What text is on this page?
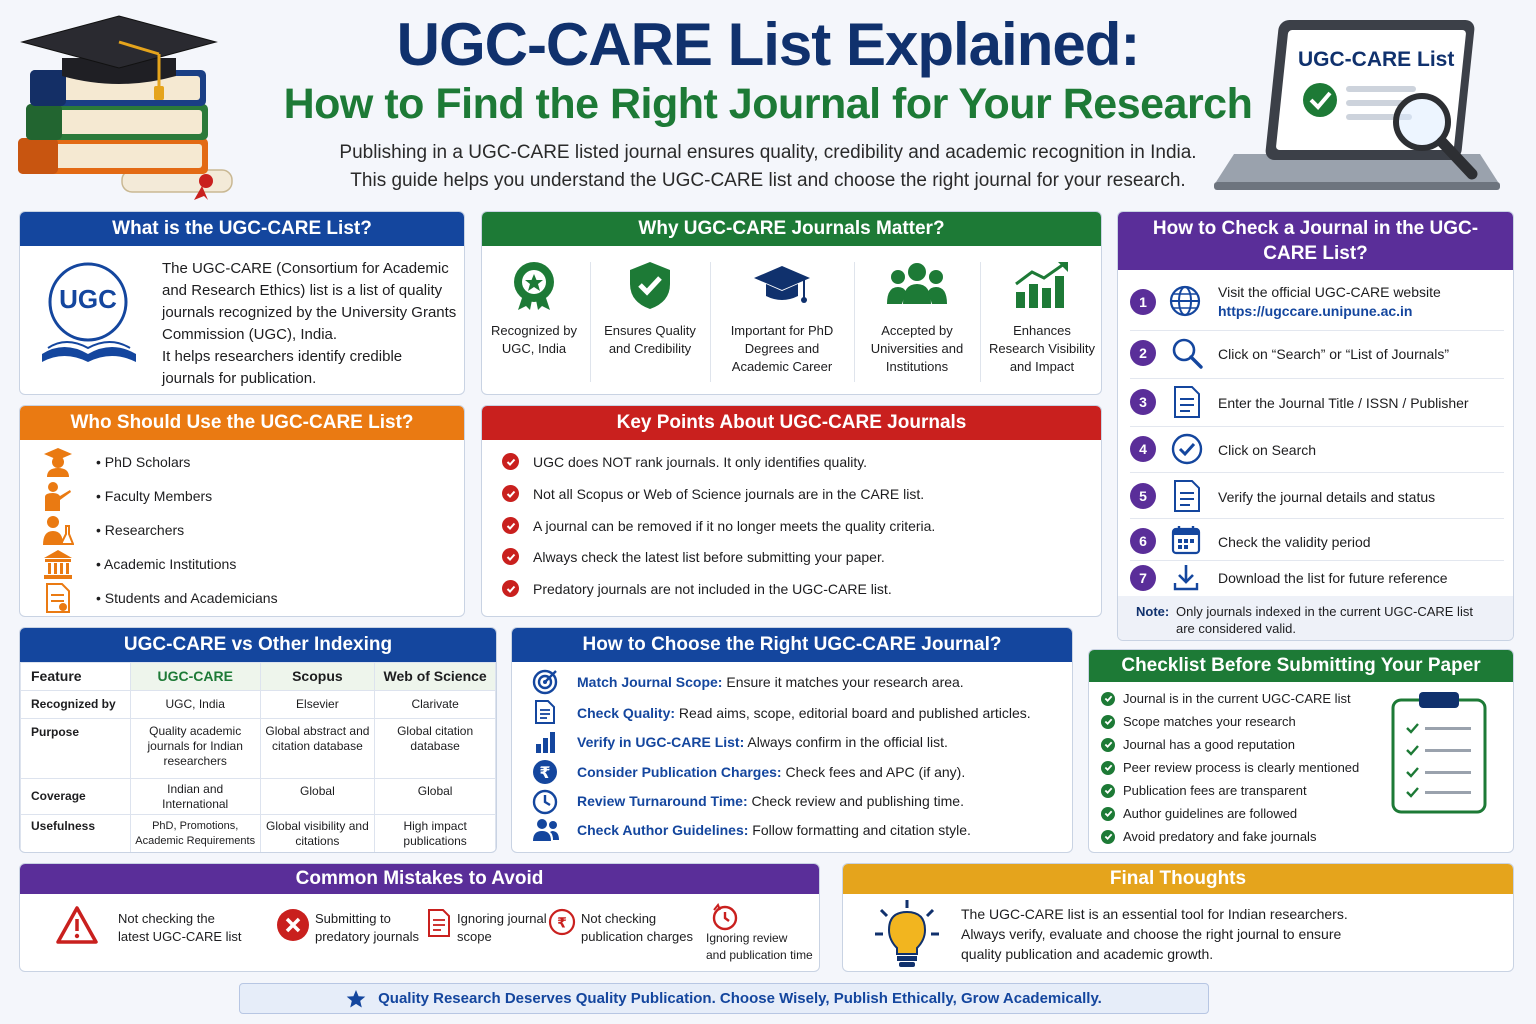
UGC-CARE List Explained:
How to Find the Right Journal for Your Research
Publishing in a UGC-CARE listed journal ensures quality, credibility and academic recognition in India.
This guide helps you understand the UGC-CARE list and choose the right journal for your research.
UGC-CARE List
What is the UGC-CARE List?
UGC
The UGC-CARE (Consortium for Academic and Research Ethics) list is a list of quality journals recognized by the University Grants Commission (UGC), India.
It helps researchers identify credible journals for publication.
Why UGC-CARE Journals Matter?
Recognized by UGC, India
Ensures Quality and Credibility
Important for PhD Degrees and Academic Career
Accepted by Universities and Institutions
Enhances Research Visibility and Impact
How to Check a Journal in the UGC-CARE List?
1
Visit the official UGC-CARE website
https://ugccare.unipune.ac.in
2	Click on “Search” or “List of Journals”
3	Enter the Journal Title / ISSN / Publisher
4	Click on Search
5	Verify the journal details and status
6	Check the validity period
7	Download the list for future reference
Note: Only journals indexed in the current UGC-CARE list
are considered valid.
Who Should Use the UGC-CARE List?
• PhD Scholars
• Faculty Members
• Researchers
• Academic Institutions
• Students and Academicians
Key Points About UGC-CARE Journals
UGC does NOT rank journals. It only identifies quality.
Not all Scopus or Web of Science journals are in the CARE list.
A journal can be removed if it no longer meets the quality criteria.
Always check the latest list before submitting your paper.
Predatory journals are not included in the UGC-CARE list.
UGC-CARE vs Other Indexing
Feature	UGC-CARE	Scopus	Web of Science
Recognized by	UGC, India	Elsevier	Clarivate
Purpose	Quality academic journals for Indian researchers	Global abstract and citation database	Global citation database
Coverage	Indian and International	Global	Global
Usefulness	PhD, Promotions, Academic Requirements	Global visibility and citations	High impact publications
How to Choose the Right UGC-CARE Journal?
Match Journal Scope: Ensure it matches your research area.
Check Quality: Read aims, scope, editorial board and published articles.
Verify in UGC-CARE List: Always confirm in the official list.
₹ Consider Publication Charges: Check fees and APC (if any).
Review Turnaround Time: Check review and publishing time.
Check Author Guidelines: Follow formatting and citation style.
Checklist Before Submitting Your Paper
Journal is in the current UGC-CARE list
Scope matches your research
Journal has a good reputation
Peer review process is clearly mentioned
Publication fees are transparent
Author guidelines are followed
Avoid predatory and fake journals
Common Mistakes to Avoid
Not checking the
latest UGC-CARE list
Submitting to
predatory journals
Ignoring journal
scope
₹ Not checking
publication charges Ignoring review
and publication time
Final Thoughts
The UGC-CARE list is an essential tool for Indian researchers.
Always verify, evaluate and choose the right journal to ensure
quality publication and academic growth.
Quality Research Deserves Quality Publication. Choose Wisely, Publish Ethically, Grow Academically.
